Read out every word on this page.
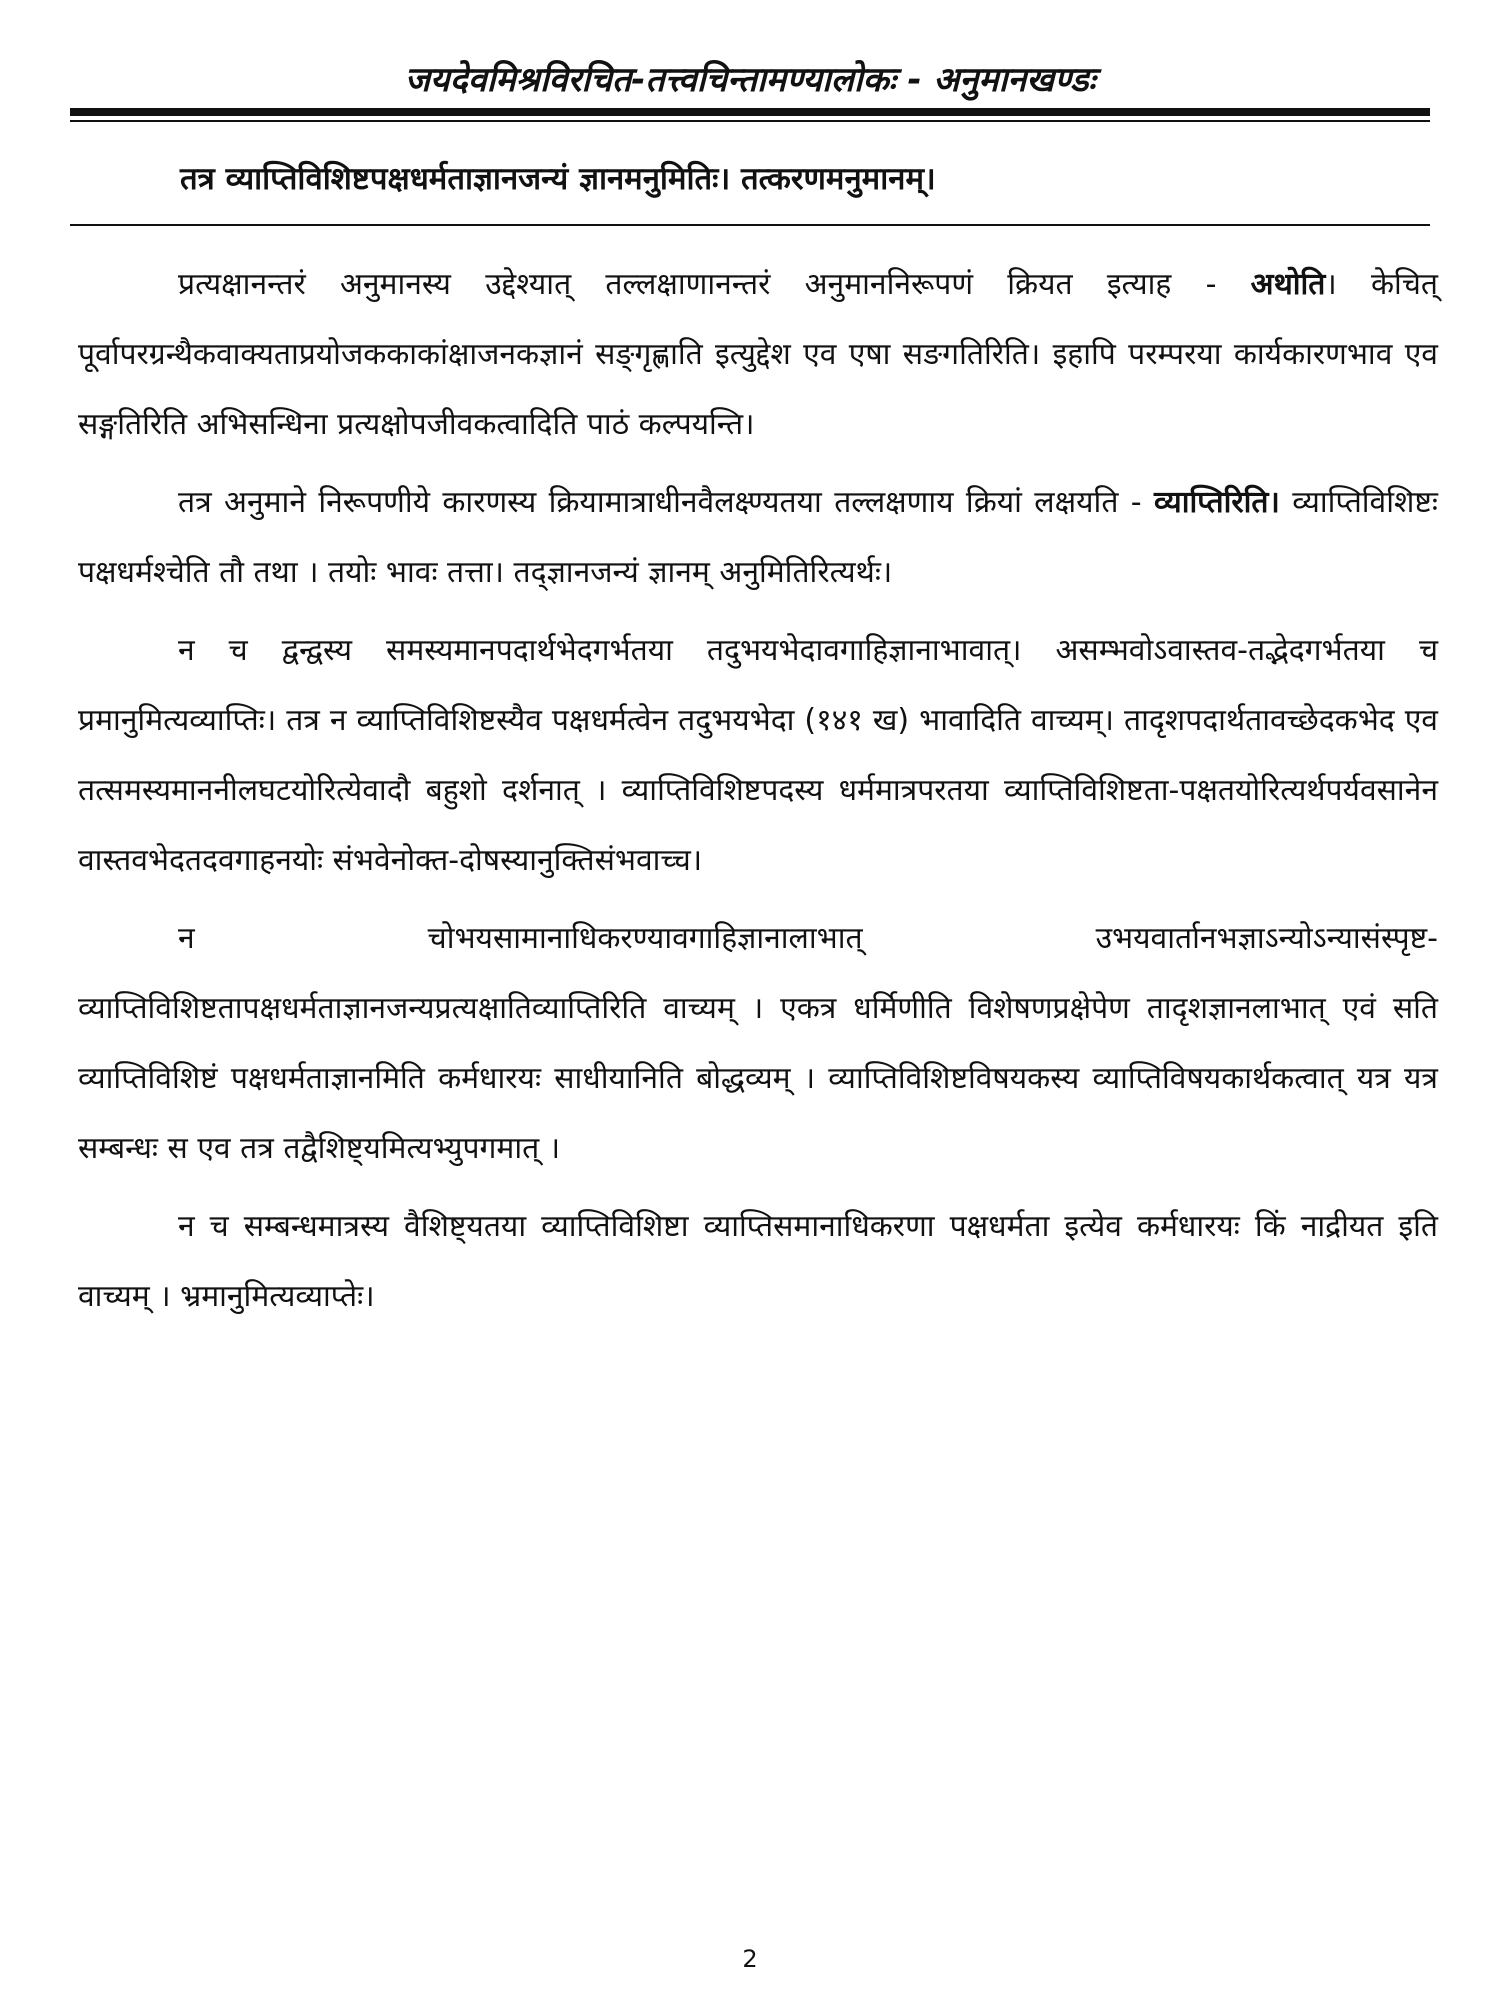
जयदेवमिश्रविरचित-तत्त्वचिन्तामण्यालोकः - अनुमानखण्डः
तत्र व्याप्तिविशिष्टपक्षधर्मताज्ञानजन्यं ज्ञानमनुमितिः। तत्करणमनुमानम्।

प्रत्यक्षानन्तरं अनुमानस्य उद्देश्यात् तल्लक्षाणानन्तरं अनुमाननिरूपणं क्रियत इत्याह - अथोति। केचित् पूर्वापरग्रन्थैकवाक्यताप्रयोजककाकांक्षाजनकज्ञानं सङ्गृह्णाति इत्युद्देश एव एषा सङगतिरिति। इहापि परम्परया कार्यकारणभाव एव सङ्गतिरिति अभिसन्धिना प्रत्यक्षोपजीवकत्वादिति पाठं कल्पयन्ति।

तत्र अनुमाने निरूपणीये कारणस्य क्रियामात्राधीनवैलक्ष्ण्यतया तल्लक्षणाय क्रियां लक्षयति - व्याप्तिरिति। व्याप्तिविशिष्टः पक्षधर्मश्चेति तौ तथा । तयोः भावः तत्ता। तद्ज्ञानजन्यं ज्ञानम् अनुमितिरित्यर्थः।

न च द्वन्द्वस्य समस्यमानपदार्थभेदगर्भतया तदुभयभेदावगाहिज्ञानाभावात्। असम्भवोऽवास्तव-तद्भेदगर्भतया च प्रमानुमित्यव्याप्तिः। तत्र न व्याप्तिविशिष्टस्यैव पक्षधर्मत्वेन तदुभयभेदा (१४१ ख) भावादिति वाच्यम्। तादृशपदार्थतावच्छेदकभेद एव तत्समस्यमाननीलघटयोरित्येवादौ बहुशो दर्शनात् । व्याप्तिविशिष्टपदस्य धर्ममात्रपरतया व्याप्तिविशिष्टता-पक्षतयोरित्यर्थपर्यवसानेन वास्तवभेदतदवगाहनयोः संभवेनोक्त-दोषस्यानुक्तिसंभवाच्च।

न चोभयसामानाधिकरण्यावगाहिज्ञानालाभात् उभयवार्तानभज्ञाऽन्योऽन्यासंस्पृष्ट-व्याप्तिविशिष्टतापक्षधर्मताज्ञानजन्यप्रत्यक्षातिव्याप्तिरिति वाच्यम् । एकत्र धर्मिणीति विशेषणप्रक्षेपेण तादृशज्ञानलाभात् एवं सति व्याप्तिविशिष्टं पक्षधर्मताज्ञानमिति कर्मधारयः साधीयानिति बोद्धव्यम् । व्याप्तिविशिष्टविषयकस्य व्याप्तिविषयकार्थकत्वात् यत्र यत्र सम्बन्धः स एव तत्र तद्वैशिष्ट्यमित्यभ्युपगमात् ।

न च सम्बन्धमात्रस्य वैशिष्ट्यतया व्याप्तिविशिष्टा व्याप्तिसमानाधिकरणा पक्षधर्मता इत्येव कर्मधारयः किं नाद्रीयत इति वाच्यम् । भ्रमानुमित्यव्याप्तेः।

2
